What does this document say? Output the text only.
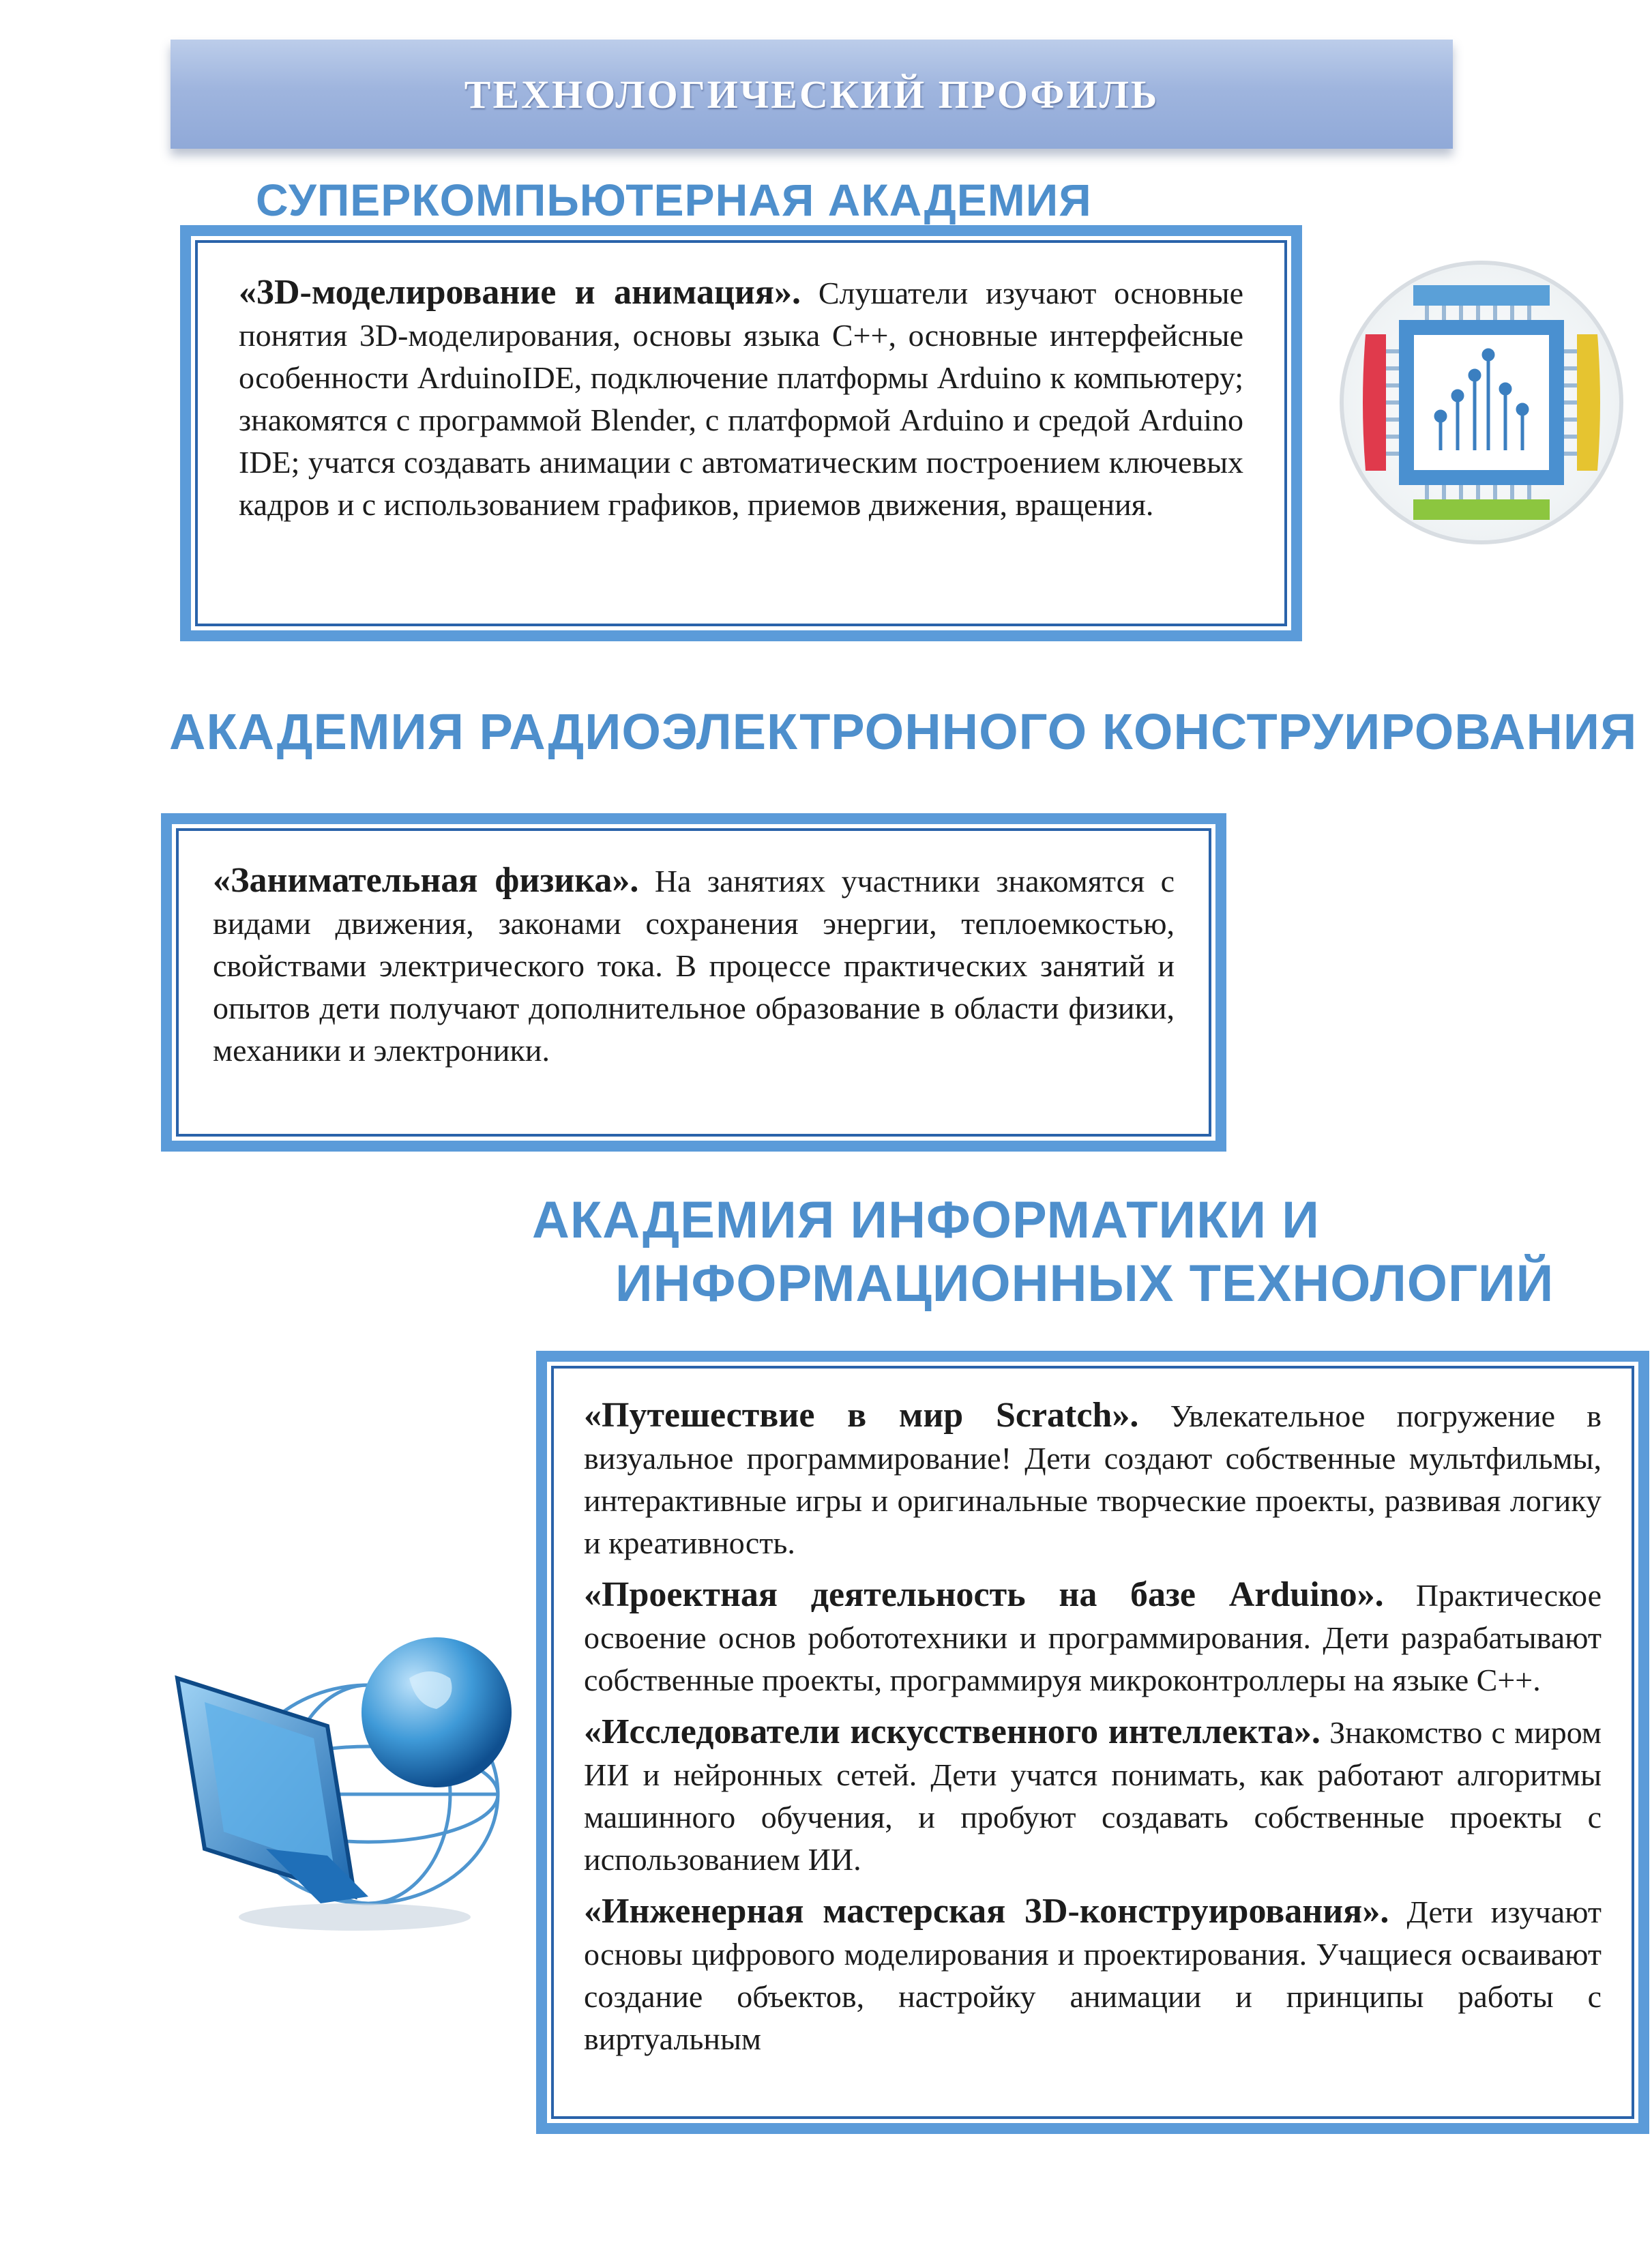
ТЕХНОЛОГИЧЕСКИЙ ПРОФИЛЬ
СУПЕРКОМПЬЮТЕРНАЯ АКАДЕМИЯ

«3D-моделирование и анимация». Слушатели изучают основные понятия 3D-моделирования, основы языка С++, основные интерфейсные особенности ArduinoIDE, подключение платформы Arduino к компьютеру; знакомятся с программой Blender, с платформой Arduino и средой Arduino IDE; учатся создавать анимации с автоматическим построением ключевых кадров и с использованием графиков, приемов движения, вращения.

АКАДЕМИЯ РАДИОЭЛЕКТРОННОГО КОНСТРУИРОВАНИЯ

«Занимательная физика». На занятиях участники знакомятся с видами движения, законами сохранения энергии, теплоемкостью, свойствами электрического тока. В процессе практических занятий и опытов дети получают дополнительное образование в области физики, механики и электроники.

АКАДЕМИЯ ИНФОРМАТИКИ И
ИНФОРМАЦИОННЫХ ТЕХНОЛОГИЙ

«Путешествие в мир Scratch». Увлекательное погружение в визуальное программирование! Дети создают собственные мультфильмы, интерактивные игры и оригинальные творческие проекты, развивая логику и креативность.

«Проектная деятельность на базе Arduino». Практическое освоение основ робототехники и программирования. Дети разрабатывают собственные проекты, программируя микроконтроллеры на языке С++.

«Исследователи искусственного интеллекта». Знакомство с миром ИИ и нейронных сетей. Дети учатся понимать, как работают алгоритмы машинного обучения, и пробуют создавать собственные проекты с использованием ИИ.

«Инженерная мастерская 3D-конструирования». Дети изучают основы цифрового моделирования и проектирования. Учащиеся осваивают создание объектов, настройку анимации и принципы работы с виртуальным
